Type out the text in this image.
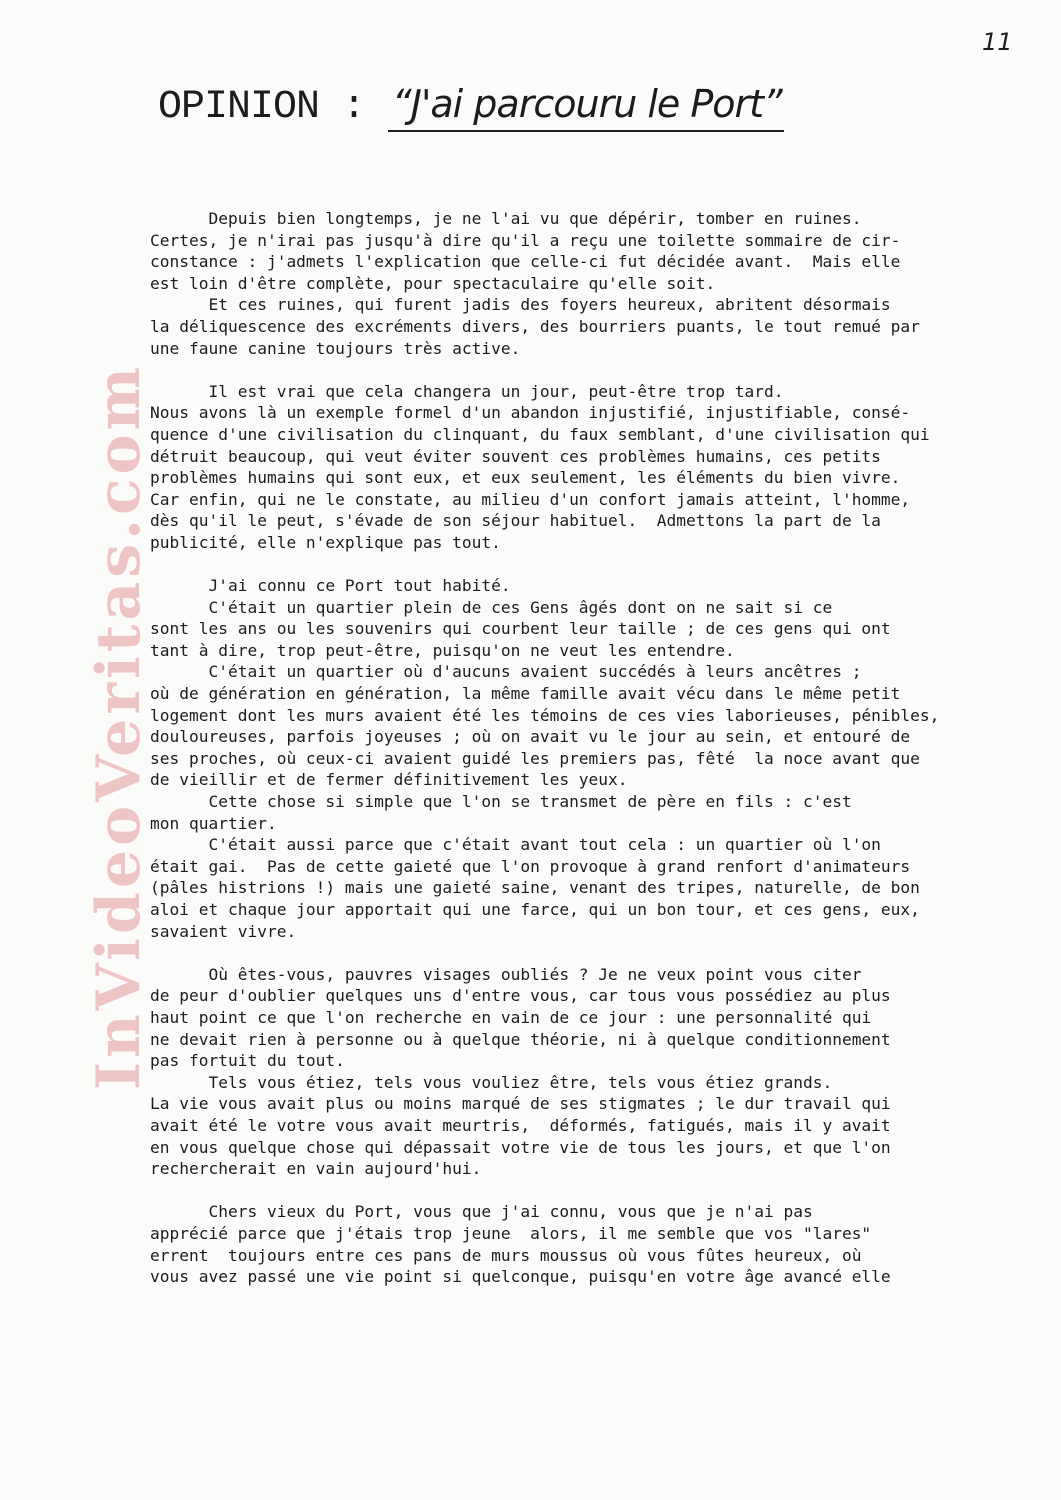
11
OPINION : “J'ai parcouru le Port”
InVideoVeritas.com
Depuis bien longtemps, je ne l'ai vu que dépérir, tomber en ruines.
Certes, je n'irai pas jusqu'à dire qu'il a reçu une toilette sommaire de cir-
constance : j'admets l'explication que celle-ci fut décidée avant.  Mais elle
est loin d'être complète, pour spectaculaire qu'elle soit.
Et ces ruines, qui furent jadis des foyers heureux, abritent désormais
la déliquescence des excréments divers, des bourriers puants, le tout remué par
une faune canine toujours très active.
Il est vrai que cela changera un jour, peut-être trop tard.
Nous avons là un exemple formel d'un abandon injustifié, injustifiable, consé-
quence d'une civilisation du clinquant, du faux semblant, d'une civilisation qui
détruit beaucoup, qui veut éviter souvent ces problèmes humains, ces petits
problèmes humains qui sont eux, et eux seulement, les éléments du bien vivre.
Car enfin, qui ne le constate, au milieu d'un confort jamais atteint, l'homme,
dès qu'il le peut, s'évade de son séjour habituel.  Admettons la part de la
publicité, elle n'explique pas tout.
J'ai connu ce Port tout habité.
C'était un quartier plein de ces Gens âgés dont on ne sait si ce
sont les ans ou les souvenirs qui courbent leur taille ; de ces gens qui ont
tant à dire, trop peut-être, puisqu'on ne veut les entendre.
C'était un quartier où d'aucuns avaient succédés à leurs ancêtres ;
où de génération en génération, la même famille avait vécu dans le même petit
logement dont les murs avaient été les témoins de ces vies laborieuses, pénibles,
douloureuses, parfois joyeuses ; où on avait vu le jour au sein, et entouré de
ses proches, où ceux-ci avaient guidé les premiers pas, fêté  la noce avant que
de vieillir et de fermer définitivement les yeux.
Cette chose si simple que l'on se transmet de père en fils : c'est
mon quartier.
C'était aussi parce que c'était avant tout cela : un quartier où l'on
était gai.  Pas de cette gaieté que l'on provoque à grand renfort d'animateurs
(pâles histrions !) mais une gaieté saine, venant des tripes, naturelle, de bon
aloi et chaque jour apportait qui une farce, qui un bon tour, et ces gens, eux,
savaient vivre.
Où êtes-vous, pauvres visages oubliés ? Je ne veux point vous citer
de peur d'oublier quelques uns d'entre vous, car tous vous possédiez au plus
haut point ce que l'on recherche en vain de ce jour : une personnalité qui
ne devait rien à personne ou à quelque théorie, ni à quelque conditionnement
pas fortuit du tout.
Tels vous étiez, tels vous vouliez être, tels vous étiez grands.
La vie vous avait plus ou moins marqué de ses stigmates ; le dur travail qui
avait été le votre vous avait meurtris,  déformés, fatigués, mais il y avait
en vous quelque chose qui dépassait votre vie de tous les jours, et que l'on
rechercherait en vain aujourd'hui.
Chers vieux du Port, vous que j'ai connu, vous que je n'ai pas
apprécié parce que j'étais trop jeune  alors, il me semble que vos "lares"
errent  toujours entre ces pans de murs moussus où vous fûtes heureux, où
vous avez passé une vie point si quelconque, puisqu'en votre âge avancé elle
